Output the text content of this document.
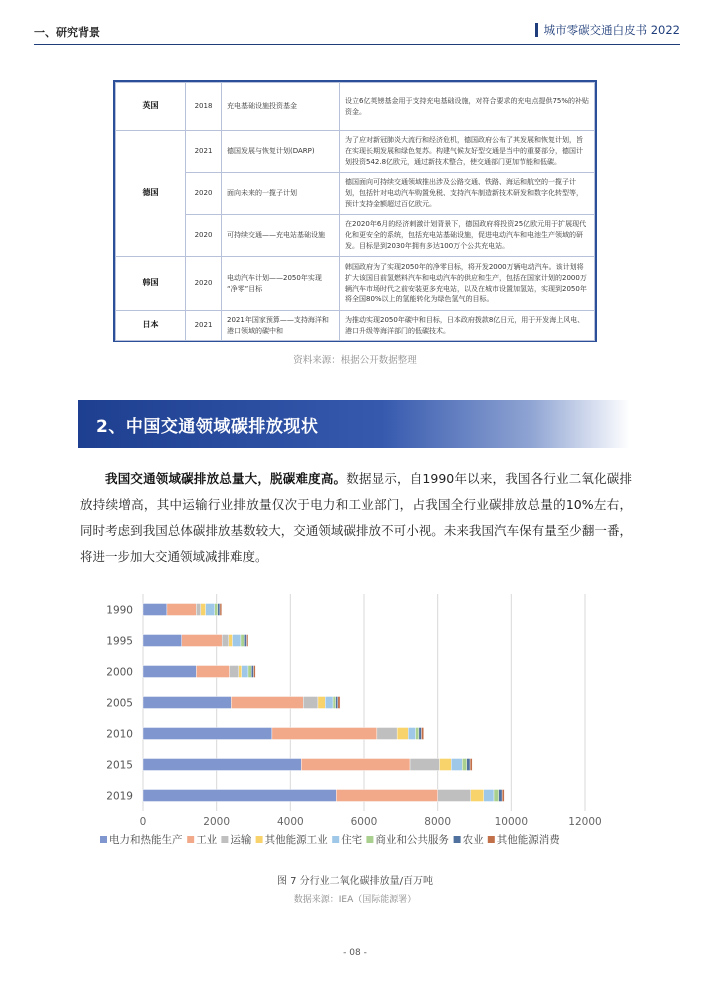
一、研究背景	城市零碳交通白皮书 2022
英国	2018	充电基础设施投资基金	设立6亿英镑基金用于支持充电基础设施，对符合要求的充电点提供75%的补贴资金。
德国	2021	德国发展与恢复计划(DARP)	为了应对新冠肺炎大流行和经济危机，德国政府公布了其发展和恢复计划，旨在实现长期发展和绿色复苏。构建气候友好型交通是当中的重要部分，德国计划投资542.8亿欧元，通过新技术整合，使交通部门更加节能和低碳。
	2020	面向未来的一揽子计划	德国面向可持续交通领域推出涉及公路交通、铁路、海运和航空的一揽子计划，包括针对电动汽车购置免税、支持汽车制造新技术研发和数字化转型等，预计支持金额超过百亿欧元。
	2020	可持续交通——充电站基础设施	在2020年6月的经济刺激计划背景下，德国政府将投资25亿欧元用于扩展现代化和更安全的系统，包括充电站基础设施，促进电动汽车和电池生产领域的研发。目标是到2030年拥有多达100万个公共充电站。
韩国	2020	电动汽车计划——2050年实现 “净零”目标	韩国政府为了实现2050年的净零目标，将开发2000万辆电动汽车。该计划将扩大该国目前氢燃料汽车和电动汽车的供应和生产，包括在国家计划的2000万辆汽车市场时代之前安装更多充电站，以及在城市设置加氢站，实现到2050年将全国80%以上的氢能转化为绿色氢气的目标。
日本	2021	2021年国家预算——支持海洋和港口领域的碳中和	为推动实现2050年碳中和目标，日本政府拨款8亿日元，用于开发海上风电、港口升级等海洋部门的低碳技术。
资料来源：根据公开数据整理
2、中国交通领域碳排放现状
我国交通领域碳排放总量大，脱碳难度高。数据显示，自1990年以来，我国各行业二氧化碳排放持续增高，其中运输行业排放量仅次于电力和工业部门，占我国全行业碳排放总量的10%左右，同时考虑到我国总体碳排放基数较大，交通领域碳排放不可小视。未来我国汽车保有量至少翻一番，将进一步加大交通领域减排难度。
0	2000	4000	6000	8000	10000	12000
1990
1995
2000
2005
2010
2015
2019
电力和热能生产 工业 运输 其他能源工业 住宅 商业和公共服务 农业 其他能源消费
图 7 分行业二氧化碳排放量/百万吨
数据来源：IEA（国际能源署）
- 08 -
